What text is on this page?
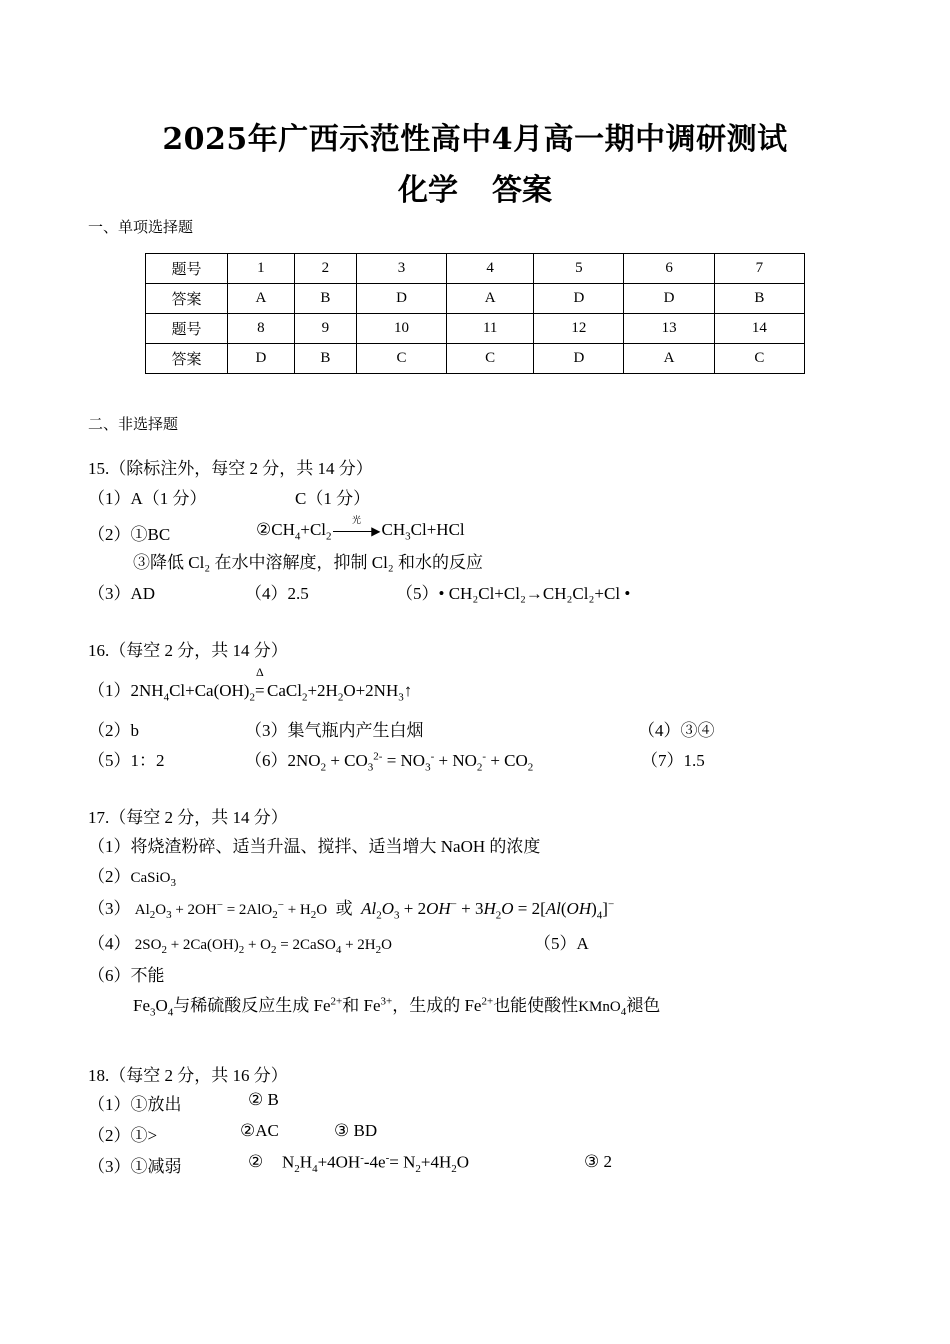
2025年广西示范性高中4月高一期中调研测试
化学 答案
一、单项选择题
题号	1	2	3	4	5	6	7
答案	A	B	D	A	D	D	B
题号	8	9	10	11	12	13	14
答案	D	B	C	C	D	A	C
二、非选择题
15.（除标注外，每空 2 分，共 14 分）
（1）A（1 分）	C（1 分）
（2）①BC	$②CH_4+Cl_2$
光
▶ $CH_3Cl+HCl$
③降低 Cl₂ 在水中溶解度，抑制 Cl₂ 和水的反应
（3）AD	（4）2.5	（5）• CH₂Cl+Cl₂→CH₂Cl₂+Cl •
16.（每空 2 分，共 14 分）
$(1)2NH_4Cl+Ca(OH)_2$
Δ
= $CaCl_2+2H_2O+2NH_3↑$
（2）b	（3）集气瓶内产生白烟	（4）③④
（5）1：2	$(6)2NO_2 + CO_3^{2-} = NO_3^- + NO_2^- + CO_2$	（7）1.5
17.（每空 2 分，共 14 分）
（1）将烧渣粉碎、适当升温、搅拌、适当增大 NaOH 的浓度
（2）CaSiO$_3$
（3） $Al_2O_3 + 2OH^- = 2AlO_2^- + H_2O$ 或 $Al_2O_3 + 2OH^- + 3H_2O = 2[Al(OH)_4]^-$
（4） $2SO_2 + 2Ca(OH)_2 + O_2$ = 2CaSO$_4$ + $2H_2O$	（5）A
（6）不能
$Fe_3O_4$与稀硫酸反应生成 $Fe^{2+}$和 $Fe^{3+}$，生成的 $Fe^{2+}$也能使酸性KMnO$_4$褪色
18.（每空 2 分，共 16 分）
（1）①放出	② B
（2）①>	②AC	③ BD
（3）①减弱	② $N_2H_4+4OH^--4e^-= N_2+4H_2O$	③ 2
